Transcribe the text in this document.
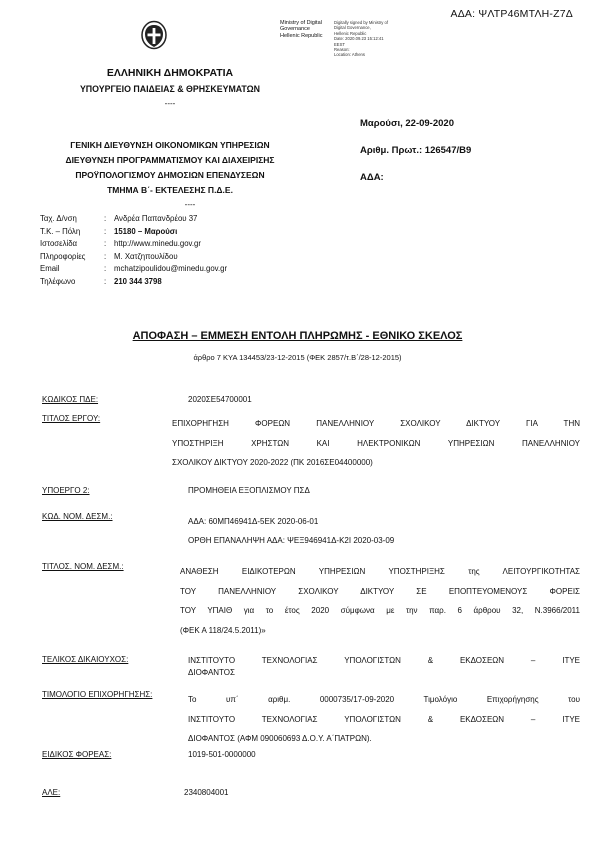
ΑΔΑ: ΨΛΤΡ46ΜΤΛΗ-Ζ7Δ
Ministry of Digital
Governance
Hellenic Republic
Digitally signed by Ministry of
Digital Governance,
Hellenic Republic
Date: 2020.09.23 15:12:41
EEST
Reason:
Location: Athens
ΕΛΛΗΝΙΚΗ ΔΗΜΟΚΡΑΤΙΑ
ΥΠΟΥΡΓΕΙΟ ΠΑΙΔΕΙΑΣ & ΘΡΗΣΚΕΥΜΑΤΩΝ
----
ΓΕΝΙΚΗ ΔΙΕΥΘΥΝΣΗ ΟΙΚΟΝΟΜΙΚΩΝ ΥΠΗΡΕΣΙΩΝ
ΔΙΕΥΘΥΝΣΗ ΠΡΟΓΡΑΜΜΑΤΙΣΜΟΥ ΚΑΙ ΔΙΑΧΕΙΡΙΣΗΣ
ΠΡΟΫΠΟΛΟΓΙΣΜΟΥ ΔΗΜΟΣΙΩΝ ΕΠΕΝΔΥΣΕΩΝ
ΤΜΗΜΑ Β΄- ΕΚΤΕΛΕΣΗΣ Π.Δ.Ε.
----
Μαρούσι, 22-09-2020
Αριθμ. Πρωτ.: 126547/Β9
ΑΔΑ:
Ταχ. Δ/νση	: Ανδρέα Παπανδρέου 37
Τ.Κ. – Πόλη	: 15180 – Μαρούσι
Ιστοσελίδα	: http://www.minedu.gov.gr
Πληροφορίες	: Μ. Χατζηπουλίδου
Email	: mchatzipoulidou@minedu.gov.gr
Τηλέφωνο	: 210 344 3798
ΑΠΟΦΑΣΗ – ΕΜΜΕΣΗ ΕΝΤΟΛΗ ΠΛΗΡΩΜΗΣ - ΕΘΝΙΚΟ ΣΚΕΛΟΣ
άρθρο 7 ΚΥΑ 134453/23-12-2015 (ΦΕΚ 2857/τ.Β΄/28-12-2015)
ΚΩΔΙΚΟΣ ΠΔΕ:	2020ΣΕ54700001
ΤΙΤΛΟΣ ΕΡΓΟΥ:
ΕΠΙΧΟΡΗΓΗΣΗ ΦΟΡΕΩΝ ΠΑΝΕΛΛΗΝΙΟΥ ΣΧΟΛΙΚΟΥ ΔΙΚΤΥΟΥ ΓΙΑ ΤΗΝ
ΥΠΟΣΤΗΡΙΞΗ ΧΡΗΣΤΩΝ ΚΑΙ ΗΛΕΚΤΡΟΝΙΚΩΝ ΥΠΗΡΕΣΙΩΝ ΠΑΝΕΛΛΗΝΙΟΥ
ΣΧΟΛΙΚΟΥ ΔΙΚΤΥΟΥ 2020-2022 (ΠΚ 2016ΣΕ04400000)
ΥΠΟΕΡΓΟ 2:	ΠΡΟΜΗΘΕΙΑ ΕΞΟΠΛΙΣΜΟΥ ΠΣΔ
ΚΩΔ. ΝΟΜ. ΔΕΣΜ.:
ΑΔΑ: 60ΜΠ46941Δ-5ΕΚ 2020-06-01
ΟΡΘΗ ΕΠΑΝΑΛΗΨΗ ΑΔΑ: ΨΕΞ946941Δ-Κ2Ι 2020-03-09
ΤΙΤΛΟΣ. ΝΟΜ. ΔΕΣΜ.:
ΑΝΑΘΕΣΗ ΕΙΔΙΚΟΤΕΡΩΝ ΥΠΗΡΕΣΙΩΝ ΥΠΟΣΤΗΡΙΞΗΣ της ΛΕΙΤΟΥΡΓΙΚΟΤΗΤΑΣ
ΤΟΥ ΠΑΝΕΛΛΗΝΙΟΥ ΣΧΟΛΙΚΟΥ ΔΙΚΤΥΟΥ ΣΕ ΕΠΟΠΤΕΥΟΜΕΝΟΥΣ ΦΟΡΕΙΣ
ΤΟΥ ΥΠΑΙΘ για το έτος 2020 σύμφωνα με την παρ. 6 άρθρου 32, Ν.3966/2011
(ΦΕΚ Α 118/24.5.2011)»
ΤΕΛΙΚΟΣ ΔΙΚΑΙΟΥΧΟΣ:	ΙΝΣΤΙΤΟΥΤΟ ΤΕΧΝΟΛΟΓΙΑΣ ΥΠΟΛΟΓΙΣΤΩΝ & ΕΚΔΟΣΕΩΝ – ΙΤΥΕ
ΔΙΟΦΑΝΤΟΣ
ΤΙΜΟΛΟΓΙΟ ΕΠΙΧΟΡΗΓΗΣΗΣ:
Το υπ΄ αριθμ. 0000735/17-09-2020 Τιμολόγιο Επιχορήγησης του
ΙΝΣΤΙΤΟΥΤΟ ΤΕΧΝΟΛΟΓΙΑΣ ΥΠΟΛΟΓΙΣΤΩΝ & ΕΚΔΟΣΕΩΝ – ΙΤΥΕ
ΔΙΟΦΑΝΤΟΣ (ΑΦΜ 090060693 Δ.Ο.Υ. Α΄ΠΑΤΡΩΝ).
ΕΙΔΙΚΟΣ ΦΟΡΕΑΣ:	1019-501-0000000
ΑΛΕ:	2340804001
